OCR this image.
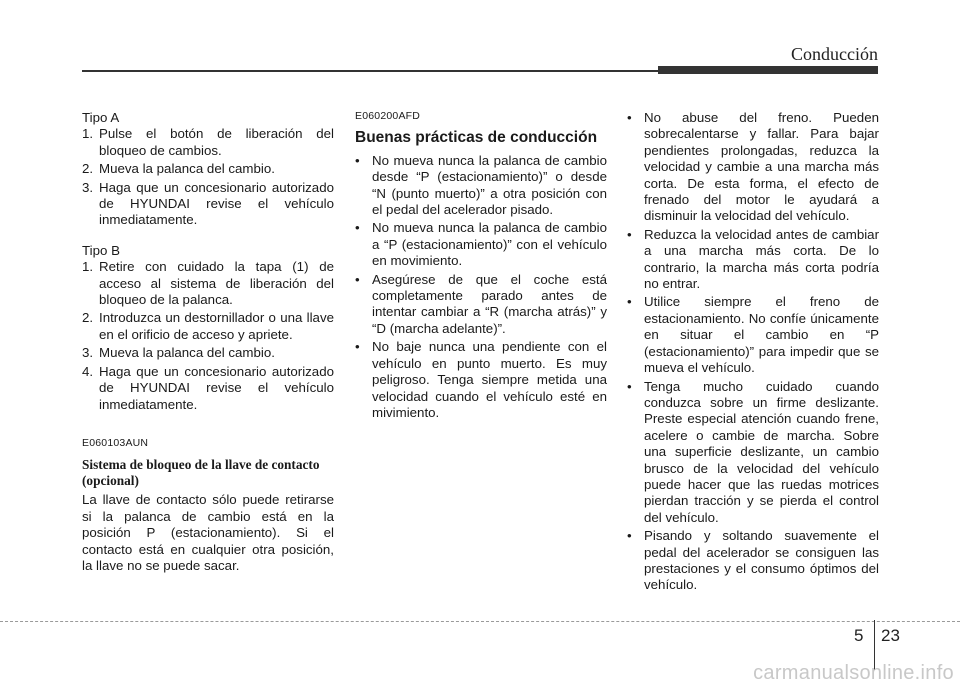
Conducción

Tipo A

1. Pulse el botón de liberación del bloqueo de cambios.

2. Mueva la palanca del cambio.

3. Haga que un concesionario autorizado de HYUNDAI revise el vehículo inmediatamente.

Tipo B

1. Retire con cuidado la tapa (1) de acceso al sistema de liberación del bloqueo de la palanca.

2. Introduzca un destornillador o una llave en el orificio de acceso y apriete.

3. Mueva la palanca del cambio.

4. Haga que un concesionario autorizado de HYUNDAI revise el vehículo inmediatamente.

E060103AUN

Sistema de bloqueo de la llave de contacto (opcional)

La llave de contacto sólo puede retirarse si la palanca de cambio está en la posición P (estacionamiento). Si el contacto está en cualquier otra posición, la llave no se puede sacar.

E060200AFD

Buenas prácticas de conducción

• No mueva nunca la palanca de cambio desde “P (estacionamiento)” o desde “N (punto muerto)” a otra posición con el pedal del acelerador pisado.

• No mueva nunca la palanca de cambio a “P (estacionamiento)” con el vehículo en movimiento.

• Asegúrese de que el coche está completamente parado antes de intentar cambiar a “R (marcha atrás)” y “D (marcha adelante)”.

• No baje nunca una pendiente con el vehículo en punto muerto. Es muy peligroso. Tenga siempre metida una velocidad cuando el vehículo esté en mivimiento.

• No abuse del freno. Pueden sobrecalentarse y fallar. Para bajar pendientes prolongadas, reduzca la velocidad y cambie a una marcha más corta. De esta forma, el efecto de frenado del motor le ayudará a disminuir la velocidad del vehículo.

• Reduzca la velocidad antes de cambiar a una marcha más corta. De lo contrario, la marcha más corta podría no entrar.

• Utilice siempre el freno de estacionamiento. No confíe únicamente en situar el cambio en “P (estacionamiento)” para impedir que se mueva el vehículo.

• Tenga mucho cuidado cuando conduzca sobre un firme deslizante. Preste especial atención cuando frene, acelere o cambie de marcha. Sobre una superficie deslizante, un cambio brusco de la velocidad del vehículo puede hacer que las ruedas motrices pierdan tracción y se pierda el control del vehículo.

• Pisando y soltando suavemente el pedal del acelerador se consiguen las prestaciones y el consumo óptimos del vehículo.

5 23
carmanualsonline.info
